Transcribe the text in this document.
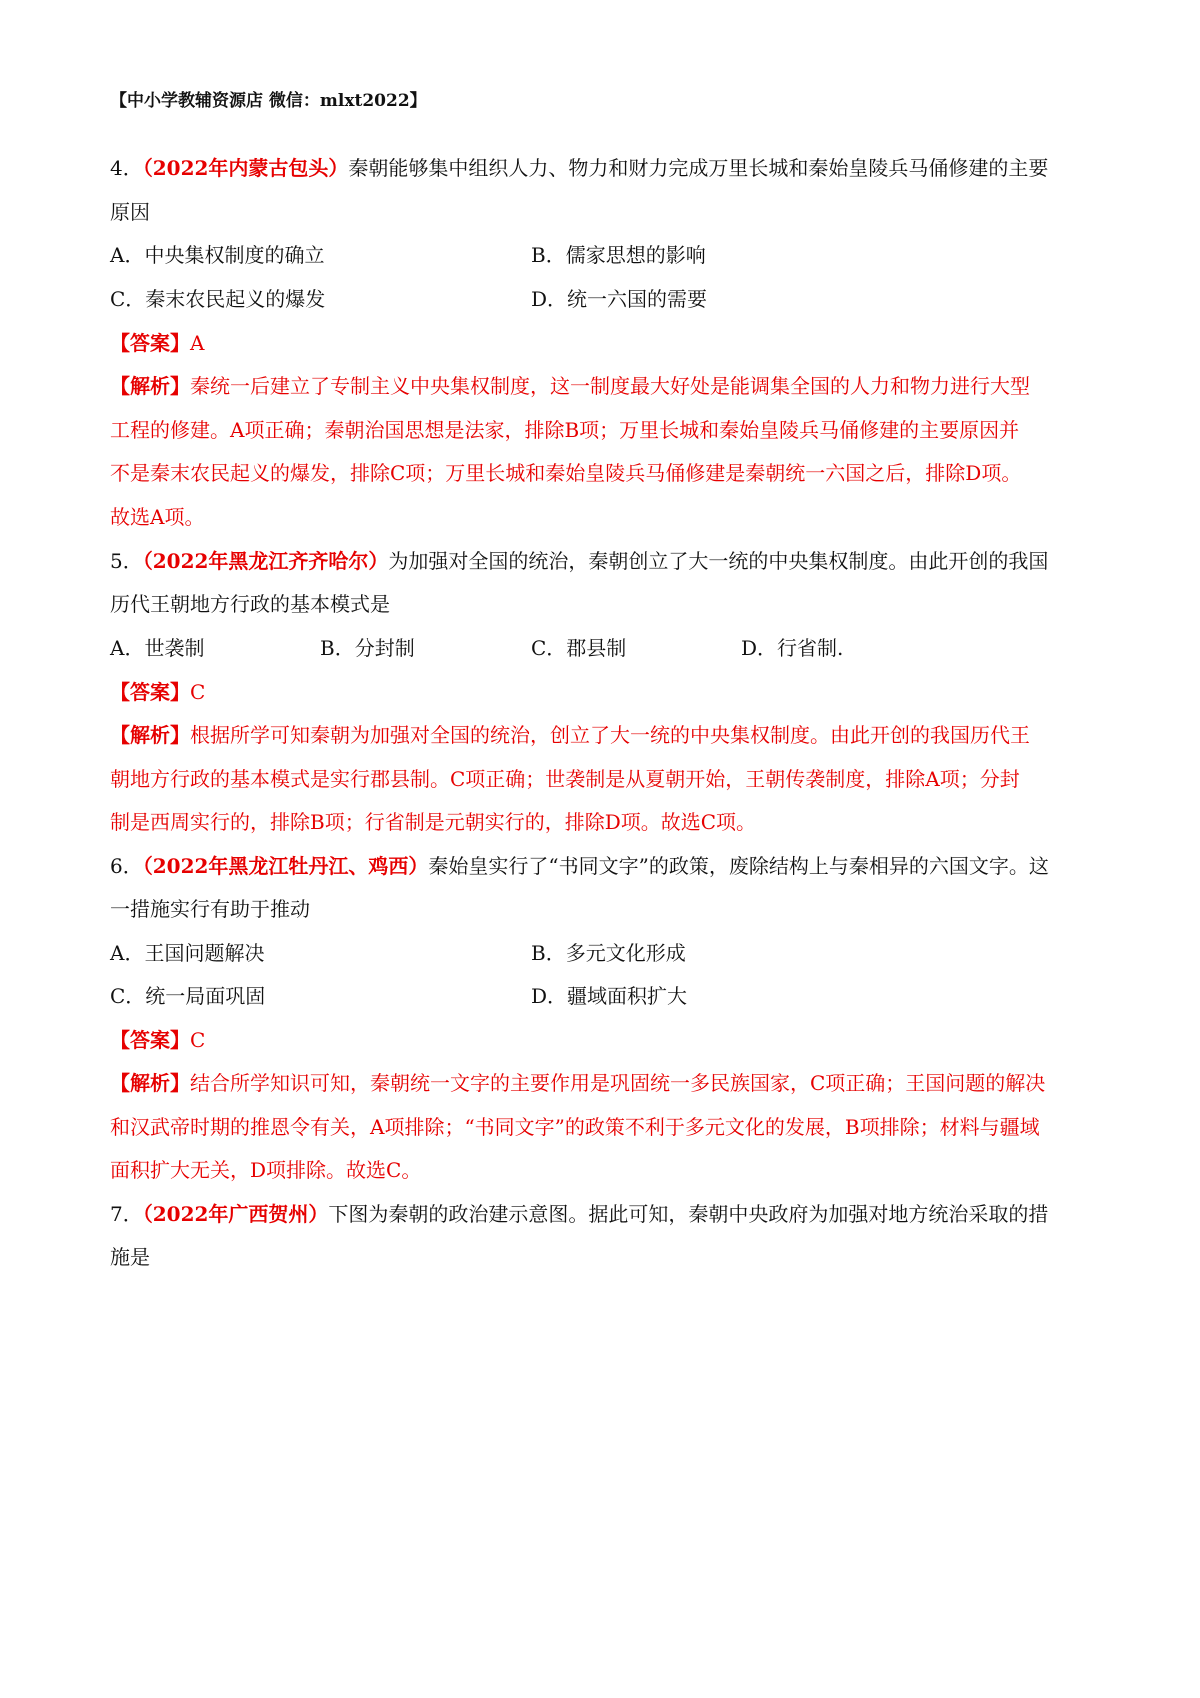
【中小学教辅资源店 微信：mlxt2022】
4．（2022年内蒙古包头）秦朝能够集中组织人力、物力和财力完成万里长城和秦始皇陵兵马俑修建的主要
原因
A．中央集权制度的确立	B．儒家思想的影响
C．秦末农民起义的爆发	D．统一六国的需要
【答案】A
【解析】秦统一后建立了专制主义中央集权制度，这一制度最大好处是能调集全国的人力和物力进行大型
工程的修建。A项正确；秦朝治国思想是法家，排除B项；万里长城和秦始皇陵兵马俑修建的主要原因并
不是秦末农民起义的爆发，排除C项；万里长城和秦始皇陵兵马俑修建是秦朝统一六国之后，排除D项。
故选A项。
5．（2022年黑龙江齐齐哈尔）为加强对全国的统治，秦朝创立了大一统的中央集权制度。由此开创的我国
历代王朝地方行政的基本模式是
A．世袭制	B．分封制	C．郡县制	D．行省制.
【答案】C
【解析】根据所学可知秦朝为加强对全国的统治，创立了大一统的中央集权制度。由此开创的我国历代王
朝地方行政的基本模式是实行郡县制。C项正确；世袭制是从夏朝开始，王朝传袭制度，排除A项；分封
制是西周实行的，排除B项；行省制是元朝实行的，排除D项。故选C项。
6．（2022年黑龙江牡丹江、鸡西）秦始皇实行了“书同文字”的政策，废除结构上与秦相异的六国文字。这
一措施实行有助于推动
A．王国问题解决	B．多元文化形成
C．统一局面巩固	D．疆域面积扩大
【答案】C
【解析】结合所学知识可知，秦朝统一文字的主要作用是巩固统一多民族国家，C项正确；王国问题的解决
和汉武帝时期的推恩令有关，A项排除；“书同文字”的政策不利于多元文化的发展，B项排除；材料与疆域
面积扩大无关，D项排除。故选C。
7．（2022年广西贺州）下图为秦朝的政治建示意图。据此可知，秦朝中央政府为加强对地方统治采取的措
施是
